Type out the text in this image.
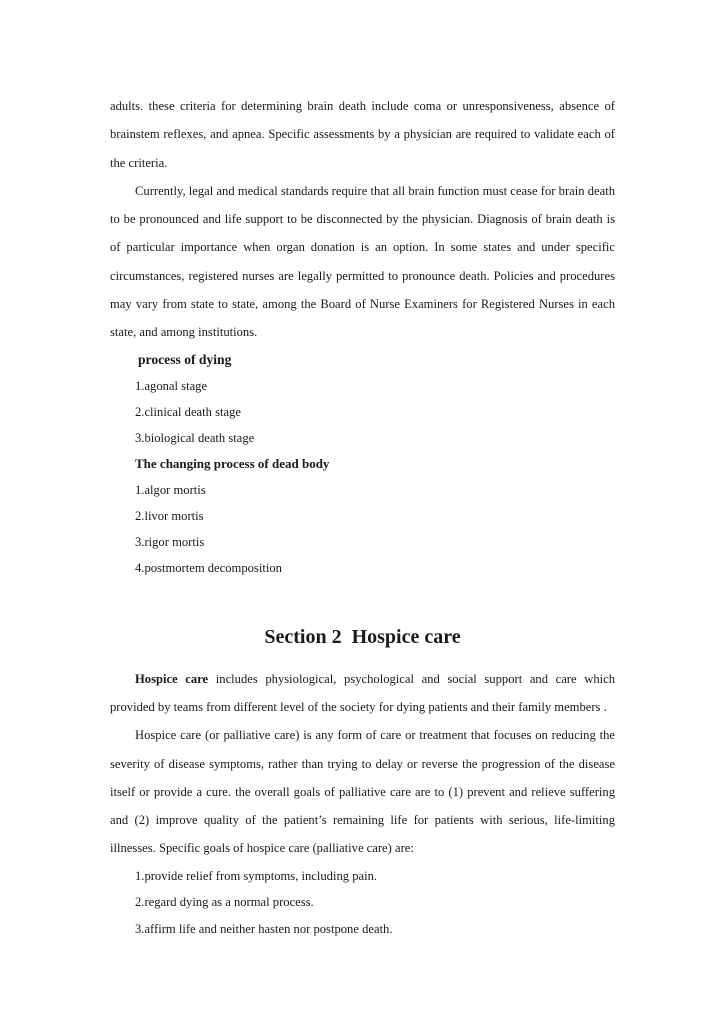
adults. these criteria for determining brain death include coma or unresponsiveness, absence of brainstem reflexes, and apnea. Specific assessments by a physician are required to validate each of the criteria.

Currently, legal and medical standards require that all brain function must cease for brain death to be pronounced and life support to be disconnected by the physician. Diagnosis of brain death is of particular importance when organ donation is an option. In some states and under specific circumstances, registered nurses are legally permitted to pronounce death. Policies and procedures may vary from state to state, among the Board of Nurse Examiners for Registered Nurses in each state, and among institutions.

process of dying
1.agonal stage
2.clinical death stage
3.biological death stage
The changing process of dead body
1.algor mortis
2.livor mortis
3.rigor mortis
4.postmortem decomposition
Section 2  Hospice care

Hospice care includes physiological, psychological and social support and care which provided by teams from different level of the society for dying patients and their family members .

Hospice care (or palliative care) is any form of care or treatment that focuses on reducing the severity of disease symptoms, rather than trying to delay or reverse the progression of the disease itself or provide a cure. the overall goals of palliative care are to (1) prevent and relieve suffering and (2) improve quality of the patient’s remaining life for patients with serious, life-limiting illnesses. Specific goals of hospice care (palliative care) are:

1.provide relief from symptoms, including pain.
2.regard dying as a normal process.
3.affirm life and neither hasten nor postpone death.
